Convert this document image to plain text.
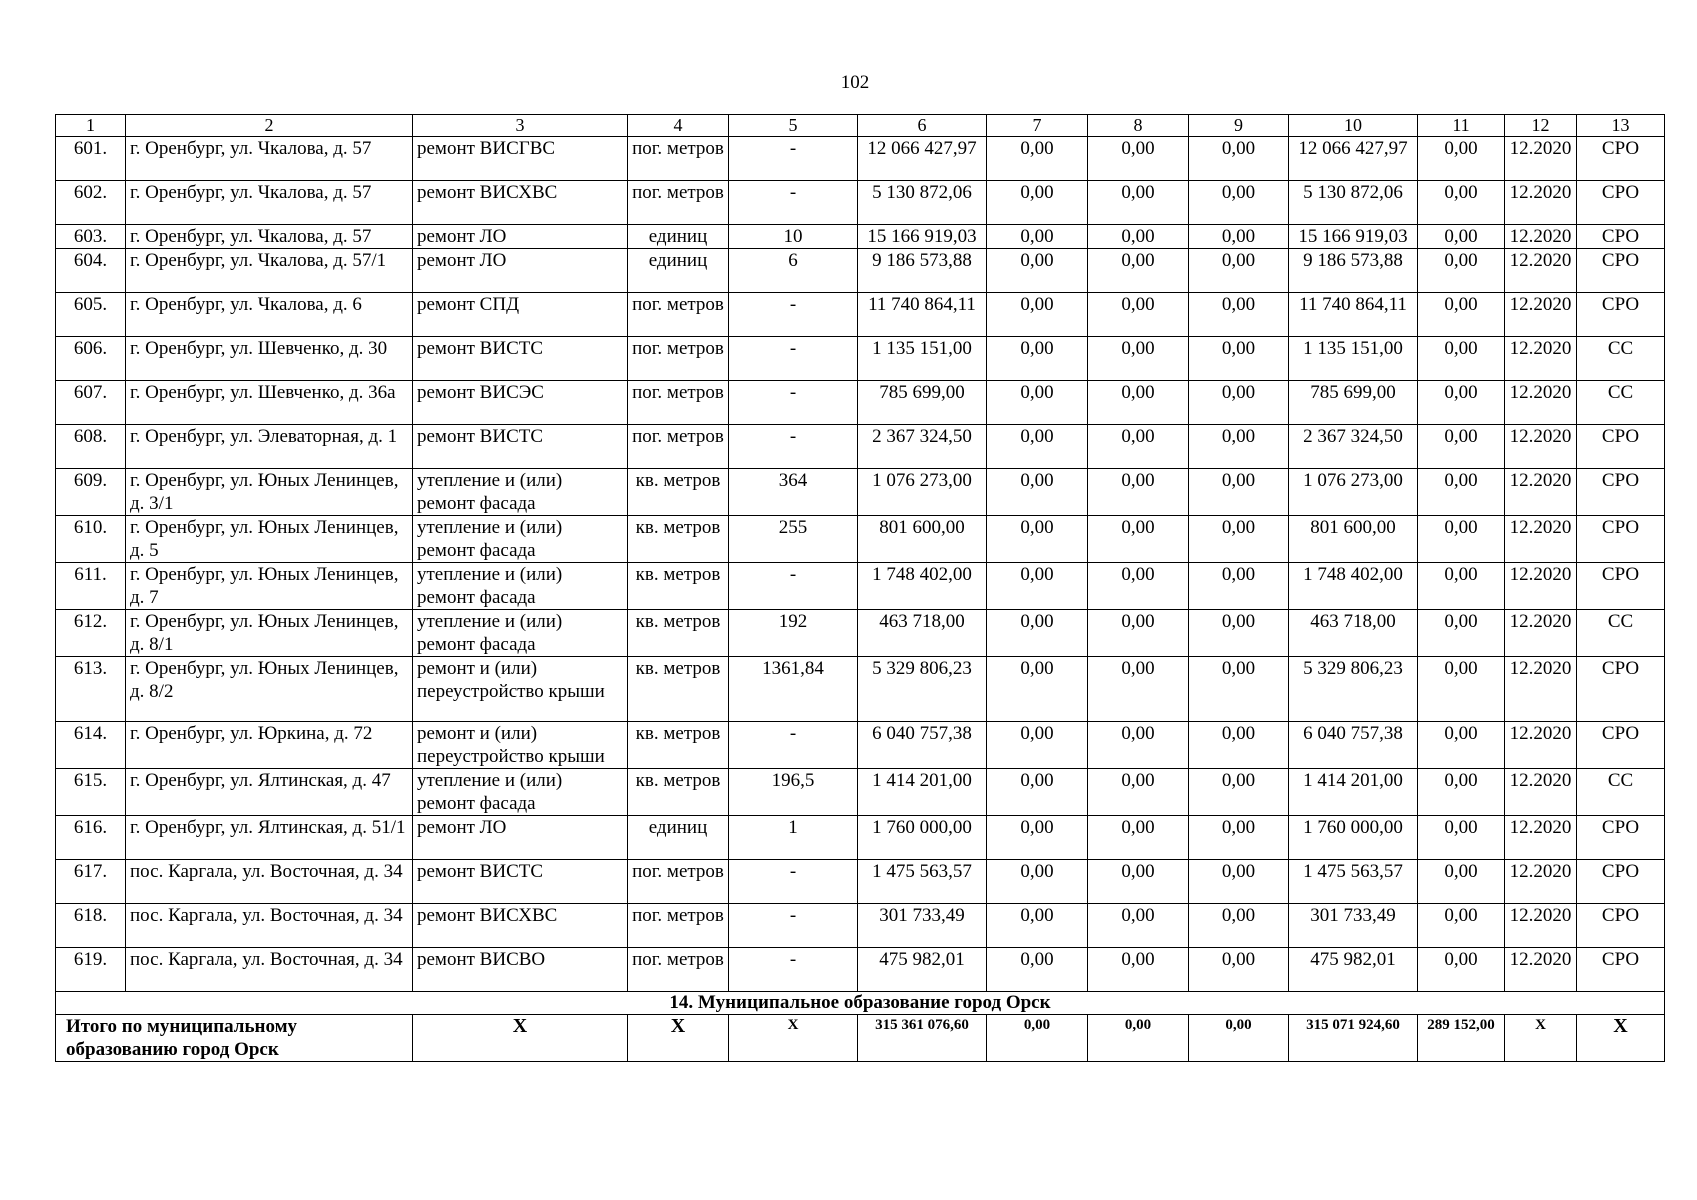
102
1	2	3	4	5	6	7	8	9	10	11	12	13
601.	г. Оренбург, ул. Чкалова, д. 57	ремонт ВИСГВС	пог. метров	-	12 066 427,97	0,00	0,00	0,00	12 066 427,97	0,00	12.2020	СРО
602.	г. Оренбург, ул. Чкалова, д. 57	ремонт ВИСХВС	пог. метров	-	5 130 872,06	0,00	0,00	0,00	5 130 872,06	0,00	12.2020	СРО
603.	г. Оренбург, ул. Чкалова, д. 57	ремонт ЛО	единиц	10	15 166 919,03	0,00	0,00	0,00	15 166 919,03	0,00	12.2020	СРО
604.	г. Оренбург, ул. Чкалова, д. 57/1	ремонт ЛО	единиц	6	9 186 573,88	0,00	0,00	0,00	9 186 573,88	0,00	12.2020	СРО
605.	г. Оренбург, ул. Чкалова, д. 6	ремонт СПД	пог. метров	-	11 740 864,11	0,00	0,00	0,00	11 740 864,11	0,00	12.2020	СРО
606.	г. Оренбург, ул. Шевченко, д. 30	ремонт ВИСТС	пог. метров	-	1 135 151,00	0,00	0,00	0,00	1 135 151,00	0,00	12.2020	СС
607.	г. Оренбург, ул. Шевченко, д. 36а	ремонт ВИСЭС	пог. метров	-	785 699,00	0,00	0,00	0,00	785 699,00	0,00	12.2020	СС
608.	г. Оренбург, ул. Элеваторная, д. 1	ремонт ВИСТС	пог. метров	-	2 367 324,50	0,00	0,00	0,00	2 367 324,50	0,00	12.2020	СРО
609.	г. Оренбург, ул. Юных Ленинцев, д. 3/1	утепление и (или) ремонт фасада	кв. метров	364	1 076 273,00	0,00	0,00	0,00	1 076 273,00	0,00	12.2020	СРО
610.	г. Оренбург, ул. Юных Ленинцев, д. 5	утепление и (или) ремонт фасада	кв. метров	255	801 600,00	0,00	0,00	0,00	801 600,00	0,00	12.2020	СРО
611.	г. Оренбург, ул. Юных Ленинцев, д. 7	утепление и (или) ремонт фасада	кв. метров	-	1 748 402,00	0,00	0,00	0,00	1 748 402,00	0,00	12.2020	СРО
612.	г. Оренбург, ул. Юных Ленинцев, д. 8/1	утепление и (или) ремонт фасада	кв. метров	192	463 718,00	0,00	0,00	0,00	463 718,00	0,00	12.2020	СС
613.	г. Оренбург, ул. Юных Ленинцев, д. 8/2	ремонт и (или) переустройство крыши	кв. метров	1361,84	5 329 806,23	0,00	0,00	0,00	5 329 806,23	0,00	12.2020	СРО
614.	г. Оренбург, ул. Юркина, д. 72	ремонт и (или) переустройство крыши	кв. метров	-	6 040 757,38	0,00	0,00	0,00	6 040 757,38	0,00	12.2020	СРО
615.	г. Оренбург, ул. Ялтинская, д. 47	утепление и (или) ремонт фасада	кв. метров	196,5	1 414 201,00	0,00	0,00	0,00	1 414 201,00	0,00	12.2020	СС
616.	г. Оренбург, ул. Ялтинская, д. 51/1	ремонт ЛО	единиц	1	1 760 000,00	0,00	0,00	0,00	1 760 000,00	0,00	12.2020	СРО
617.	пос. Каргала, ул. Восточная, д. 34	ремонт ВИСТС	пог. метров	-	1 475 563,57	0,00	0,00	0,00	1 475 563,57	0,00	12.2020	СРО
618.	пос. Каргала, ул. Восточная, д. 34	ремонт ВИСХВС	пог. метров	-	301 733,49	0,00	0,00	0,00	301 733,49	0,00	12.2020	СРО
619.	пос. Каргала, ул. Восточная, д. 34	ремонт ВИСВО	пог. метров	-	475 982,01	0,00	0,00	0,00	475 982,01	0,00	12.2020	СРО
14. Муниципальное образование город Орск												
Итого по муниципальному образованию город Орск		X	X	X	315 361 076,60	0,00	0,00	0,00	315 071 924,60	289 152,00	X	X
